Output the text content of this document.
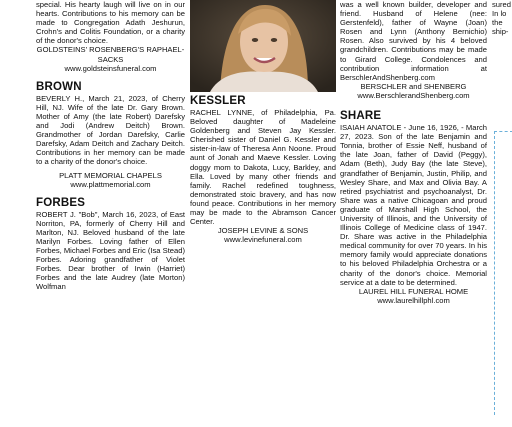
special. His hearty laugh will live on in our hearts. Contributions to his memory can be made to Congregation Adath Jeshurun, Crohn's and Colitis Foundation, or a charity of the donor's choice.

GOLDSTEINS' ROSENBERG'S RAPHAEL-SACKS

www.goldsteinsfuneral.com

BROWN

BEVERLY H., March 21, 2023, of Cherry Hill, NJ. Wife of the late Dr. Gary Brown. Mother of Amy (the late Robert) Darefsky and Jodi (Andrew Deitch) Brown. Grandmother of Jordan Darefsky, Carlie Darefsky, Adam Deitch and Zachary Deitch. Contributions in her memory can be made to a charity of the donor's choice.

PLATT MEMORIAL CHAPELS

www.plattmemorial.com

FORBES

ROBERT J. "Bob", March 16, 2023, of East Norriton, PA, formerly of Cherry Hill and Marlton, NJ. Beloved husband of the late Marilyn Forbes. Loving father of Ellen Forbes, Michael Forbes and Eric (Isa Stead) Forbes. Adoring grandfather of Violet Forbes. Dear brother of Irwin (Harriet) Forbes and the late Audrey (late Morton) Wolfman

KESSLER

RACHEL LYNNE, of Philadelphia, Pa. Beloved daughter of Madeleine Goldenberg and Steven Jay Kessler. Cherished sister of Daniel G. Kessler and sister-in-law of Theresa Ann Noone. Proud aunt of Jonah and Maeve Kessler. Loving doggy mom to Dakota, Lucy, Barkley, and Ella. Loved by many other friends and family. Rachel redefined toughness, demonstrated stoic bravery, and has now found peace. Contributions in her memory may be made to the Abramson Cancer Center.

JOSEPH LEVINE & SONS

www.levinefuneral.com

was a well known builder, developer and friend. Husband of Helene (nee: Gerstenfeld), father of Wayne (Joan) Rosen and Lynn (Anthony Bernichio) Rosen. Also survived by his 4 beloved grandchildren. Contributions may be made to Girard College. Condolences and contribution information at BerschlerAndShenberg.com

BERSCHLER and SHENBERG

www.BerschlerandShenberg.com

SHARE

ISAIAH ANATOLE - June 16, 1926, - March 27, 2023. Son of the late Benjamin and Tonnia, brother of Essie Neff, husband of the late Joan, father of David (Peggy), Adam (Beth), Judy Bay (the late Steve), grandfather of Benjamin, Justin, Philip, and Wesley Share, and Max and Olivia Bay. A retired psychiatrist and psychoanalyst, Dr. Share was a native Chicagoan and proud graduate of Marshall High School, the University of Illinois, and the University of Illinois College of Medicine class of 1947. Dr. Share was active in the Philadelphia medical community for over 70 years. In his memory family would appreciate donations to his beloved Philadelphia Orchestra or a charity of the donor's choice. Memorial service at a date to be determined.

LAUREL HILL FUNERAL HOME

www.laurelhillphl.com

sured In lo the ship-
